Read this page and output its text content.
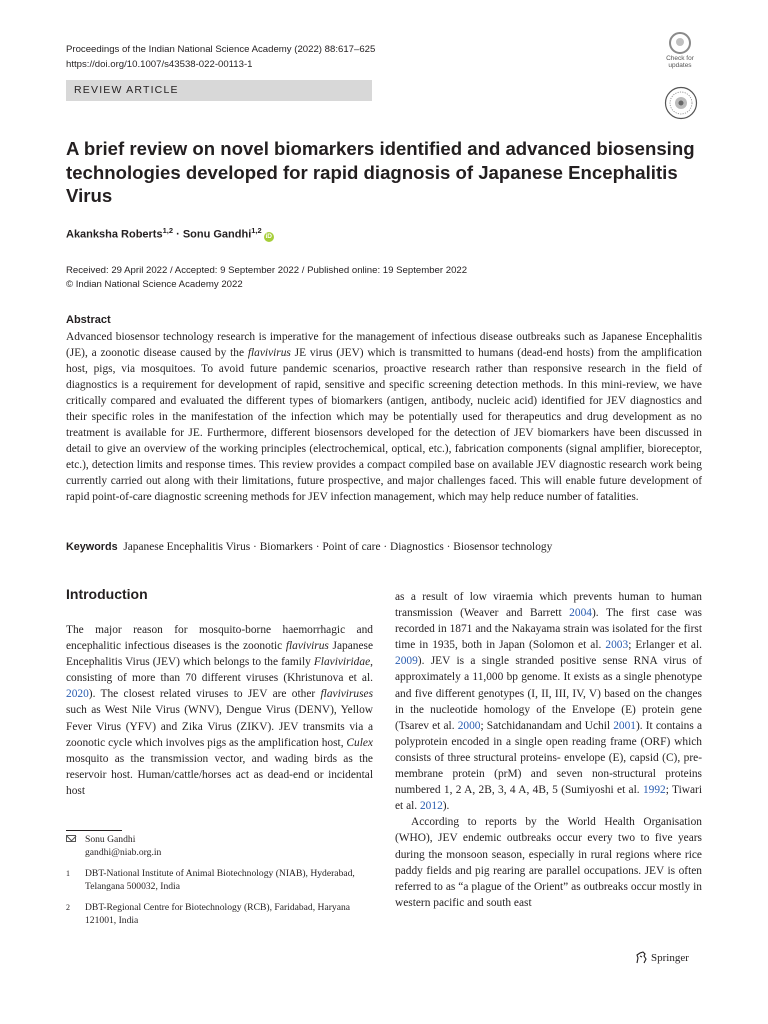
Proceedings of the Indian National Science Academy (2022) 88:617–625
https://doi.org/10.1007/s43538-022-00113-1
REVIEW ARTICLE
Check for
updates
A brief review on novel biomarkers identified and advanced biosensing technologies developed for rapid diagnosis of Japanese Encephalitis Virus
Akanksha Roberts$^{1,2}$ · Sonu Gandhi$^{1,2}$iD
Received: 29 April 2022 / Accepted: 9 September 2022 / Published online: 19 September 2022
© Indian National Science Academy 2022
Abstract

Advanced biosensor technology research is imperative for the management of infectious disease outbreaks such as Japanese Encephalitis (JE), a zoonotic disease caused by the flavivirus JE virus (JEV) which is transmitted to humans (dead-end hosts) from the amplification host, pigs, via mosquitoes. To avoid future pandemic scenarios, proactive research rather than responsive research in the field of diagnostics is a requirement for development of rapid, sensitive and specific screening detection methods. In this mini-review, we have critically compared and evaluated the different types of biomarkers (antigen, antibody, nucleic acid) identified for JEV diagnostics and their specific roles in the manifestation of the infection which may be potentially used for therapeutics and drug development as no treatment is available for JE. Furthermore, different biosensors developed for the detection of JEV biomarkers have been discussed in detail to give an overview of the working principles (electrochemical, optical, etc.), fabrication components (signal amplifier, bioreceptor, etc.), detection limits and response times. This review provides a compact compiled base on available JEV diagnostic research work being currently carried out along with their limitations, future prospective, and major challenges faced. This will enable future development of rapid point-of-care diagnostic screening methods for JEV infection management, which may help reduce number of fatalities.

Keywords Japanese Encephalitis Virus · Biomarkers · Point of care · Diagnostics · Biosensor technology
Introduction

The major reason for mosquito-borne haemorrhagic and encephalitic infectious diseases is the zoonotic flavivirus Japanese Encephalitis Virus (JEV) which belongs to the family Flaviviridae, consisting of more than 70 different viruses (Khristunova et al. 2020). The closest related viruses to JEV are other flaviviruses such as West Nile Virus (WNV), Dengue Virus (DENV), Yellow Fever Virus (YFV) and Zika Virus (ZIKV). JEV transmits via a zoonotic cycle which involves pigs as the amplification host, Culex mosquito as the transmission vector, and wading birds as the reservoir host. Human/cattle/horses act as dead-end or incidental host

as a result of low viraemia which prevents human to human transmission (Weaver and Barrett 2004). The first case was recorded in 1871 and the Nakayama strain was isolated for the first time in 1935, both in Japan (Solomon et al. 2003; Erlanger et al. 2009). JEV is a single stranded positive sense RNA virus of approximately a 11,000 bp genome. It exists as a single phenotype and five different genotypes (I, II, III, IV, V) based on the changes in the nucleotide homology of the Envelope (E) protein gene (Tsarev et al. 2000; Satchidanandam and Uchil 2001). It contains a polyprotein encoded in a single open reading frame (ORF) which consists of three structural proteins- envelope (E), capsid (C), pre-membrane protein (prM) and seven non-structural proteins numbered 1, 2 A, 2B, 3, 4 A, 4B, 5 (Sumiyoshi et al. 1992; Tiwari et al. 2012).

According to reports by the World Health Organisation (WHO), JEV endemic outbreaks occur every two to five years during the monsoon season, especially in rural regions where rice paddy fields and pig rearing are parallel occupations. JEV is often referred to as “a plague of the Orient” as outbreaks occur mostly in western pacific and south east

Sonu Gandhi
gandhi@niab.org.in
1 DBT-National Institute of Animal Biotechnology (NIAB), Hyderabad, Telangana 500032, India
2 DBT-Regional Centre for Biotechnology (RCB), Faridabad, Haryana 121001, India
Springer
